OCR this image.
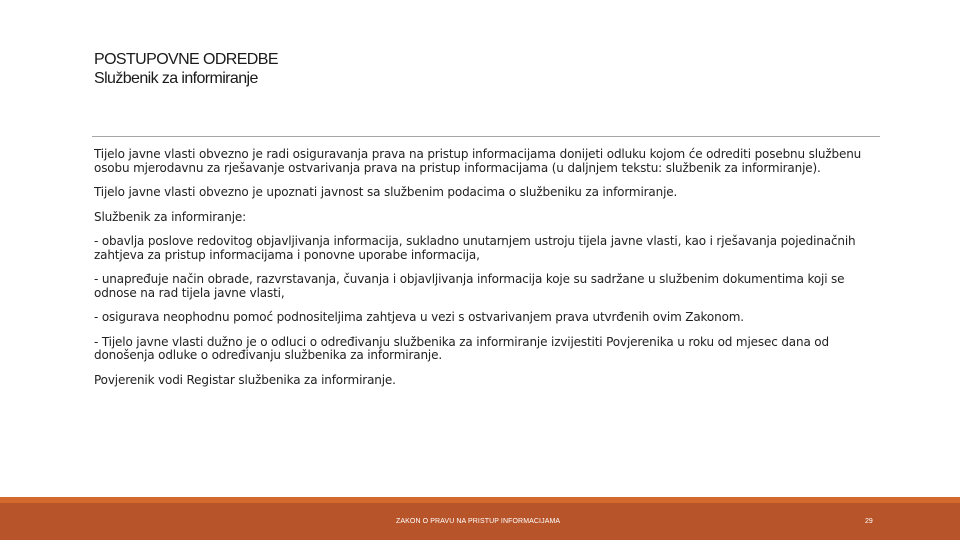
POSTUPOVNE ODREDBE
Službenik za informiranje

Tijelo javne vlasti obvezno je radi osiguravanja prava na pristup informacijama donijeti odluku kojom će odrediti posebnu službenu osobu mjerodavnu za rješavanje ostvarivanja prava na pristup informacijama (u daljnjem tekstu: službenik za informiranje).

Tijelo javne vlasti obvezno je upoznati javnost sa službenim podacima o službeniku za informiranje.

Službenik za informiranje:

- obavlja poslove redovitog objavljivanja informacija, sukladno unutarnjem ustroju tijela javne vlasti, kao i rješavanja pojedinačnih zahtjeva za pristup informacijama i ponovne uporabe informacija,

- unapređuje način obrade, razvrstavanja, čuvanja i objavljivanja informacija koje su sadržane u službenim dokumentima koji se odnose na rad tijela javne vlasti,

- osigurava neophodnu pomoć podnositeljima zahtjeva u vezi s ostvarivanjem prava utvrđenih ovim Zakonom.

- Tijelo javne vlasti dužno je o odluci o određivanju službenika za informiranje izvijestiti Povjerenika u roku od mjesec dana od donošenja odluke o određivanju službenika za informiranje.

Povjerenik vodi Registar službenika za informiranje.

ZAKON O PRAVU NA PRISTUP INFORMACIJAMA	29
